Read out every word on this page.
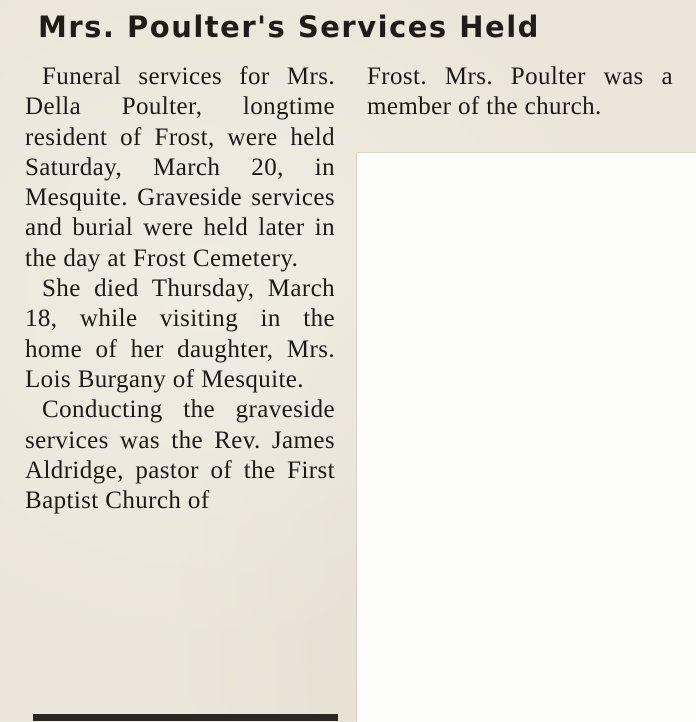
Mrs. Poulter's Services Held

Funeral services for Mrs. Della Poulter, longtime resident of Frost, were held Saturday, March 20, in Mesquite. Graveside services and burial were held later in the day at Frost Cemetery.

She died Thursday, March 18, while visiting in the home of her daughter, Mrs. Lois Burgany of Mesquite.

Conducting the graveside services was the Rev. James Aldridge, pastor of the First Baptist Church of

Frost. Mrs. Poulter was a member of the church.
